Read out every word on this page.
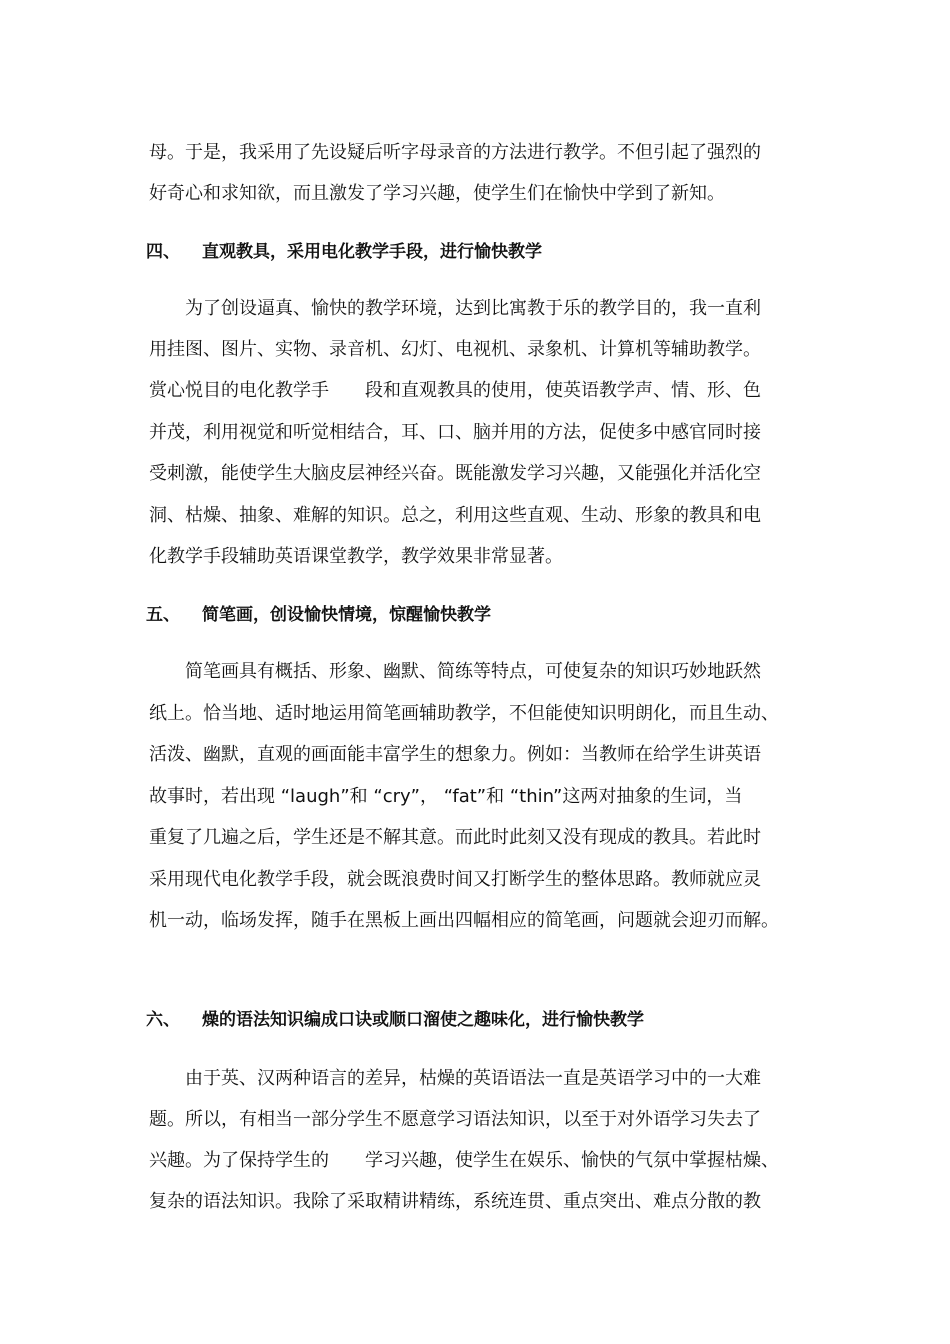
母。于是，我采用了先设疑后听字母录音的方法进行教学。不但引起了强烈的
好奇心和求知欲，而且激发了学习兴趣，使学生们在愉快中学到了新知。
四、 直观教具，采用电化教学手段，进行愉快教学
　　为了创设逼真、愉快的教学环境，达到比寓教于乐的教学目的，我一直利
用挂图、图片、实物、录音机、幻灯、电视机、录象机、计算机等辅助教学。
赏心悦目的电化教学手　　段和直观教具的使用，使英语教学声、情、形、色
并茂，利用视觉和听觉相结合，耳、口、脑并用的方法，促使多中感官同时接
受刺激，能使学生大脑皮层神经兴奋。既能激发学习兴趣，又能强化并活化空
洞、枯燥、抽象、难解的知识。总之，利用这些直观、生动、形象的教具和电
化教学手段辅助英语课堂教学，教学效果非常显著。
五、 简笔画，创设愉快情境，惊醒愉快教学
　　简笔画具有概括、形象、幽默、简练等特点，可使复杂的知识巧妙地跃然
纸上。恰当地、适时地运用简笔画辅助教学，不但能使知识明朗化，而且生动、
活泼、幽默，直观的画面能丰富学生的想象力。例如：当教师在给学生讲英语
故事时，若出现 “laugh”和 “cry”， “fat”和 “thin”这两对抽象的生词，当
重复了几遍之后，学生还是不解其意。而此时此刻又没有现成的教具。若此时
采用现代电化教学手段，就会既浪费时间又打断学生的整体思路。教师就应灵
机一动，临场发挥，随手在黑板上画出四幅相应的简笔画，问题就会迎刃而解。
六、 燥的语法知识编成口诀或顺口溜使之趣味化，进行愉快教学
　　由于英、汉两种语言的差异，枯燥的英语语法一直是英语学习中的一大难
题。所以，有相当一部分学生不愿意学习语法知识，以至于对外语学习失去了
兴趣。为了保持学生的　　学习兴趣，使学生在娱乐、愉快的气氛中掌握枯燥、
复杂的语法知识。我除了采取精讲精练，系统连贯、重点突出、难点分散的教
